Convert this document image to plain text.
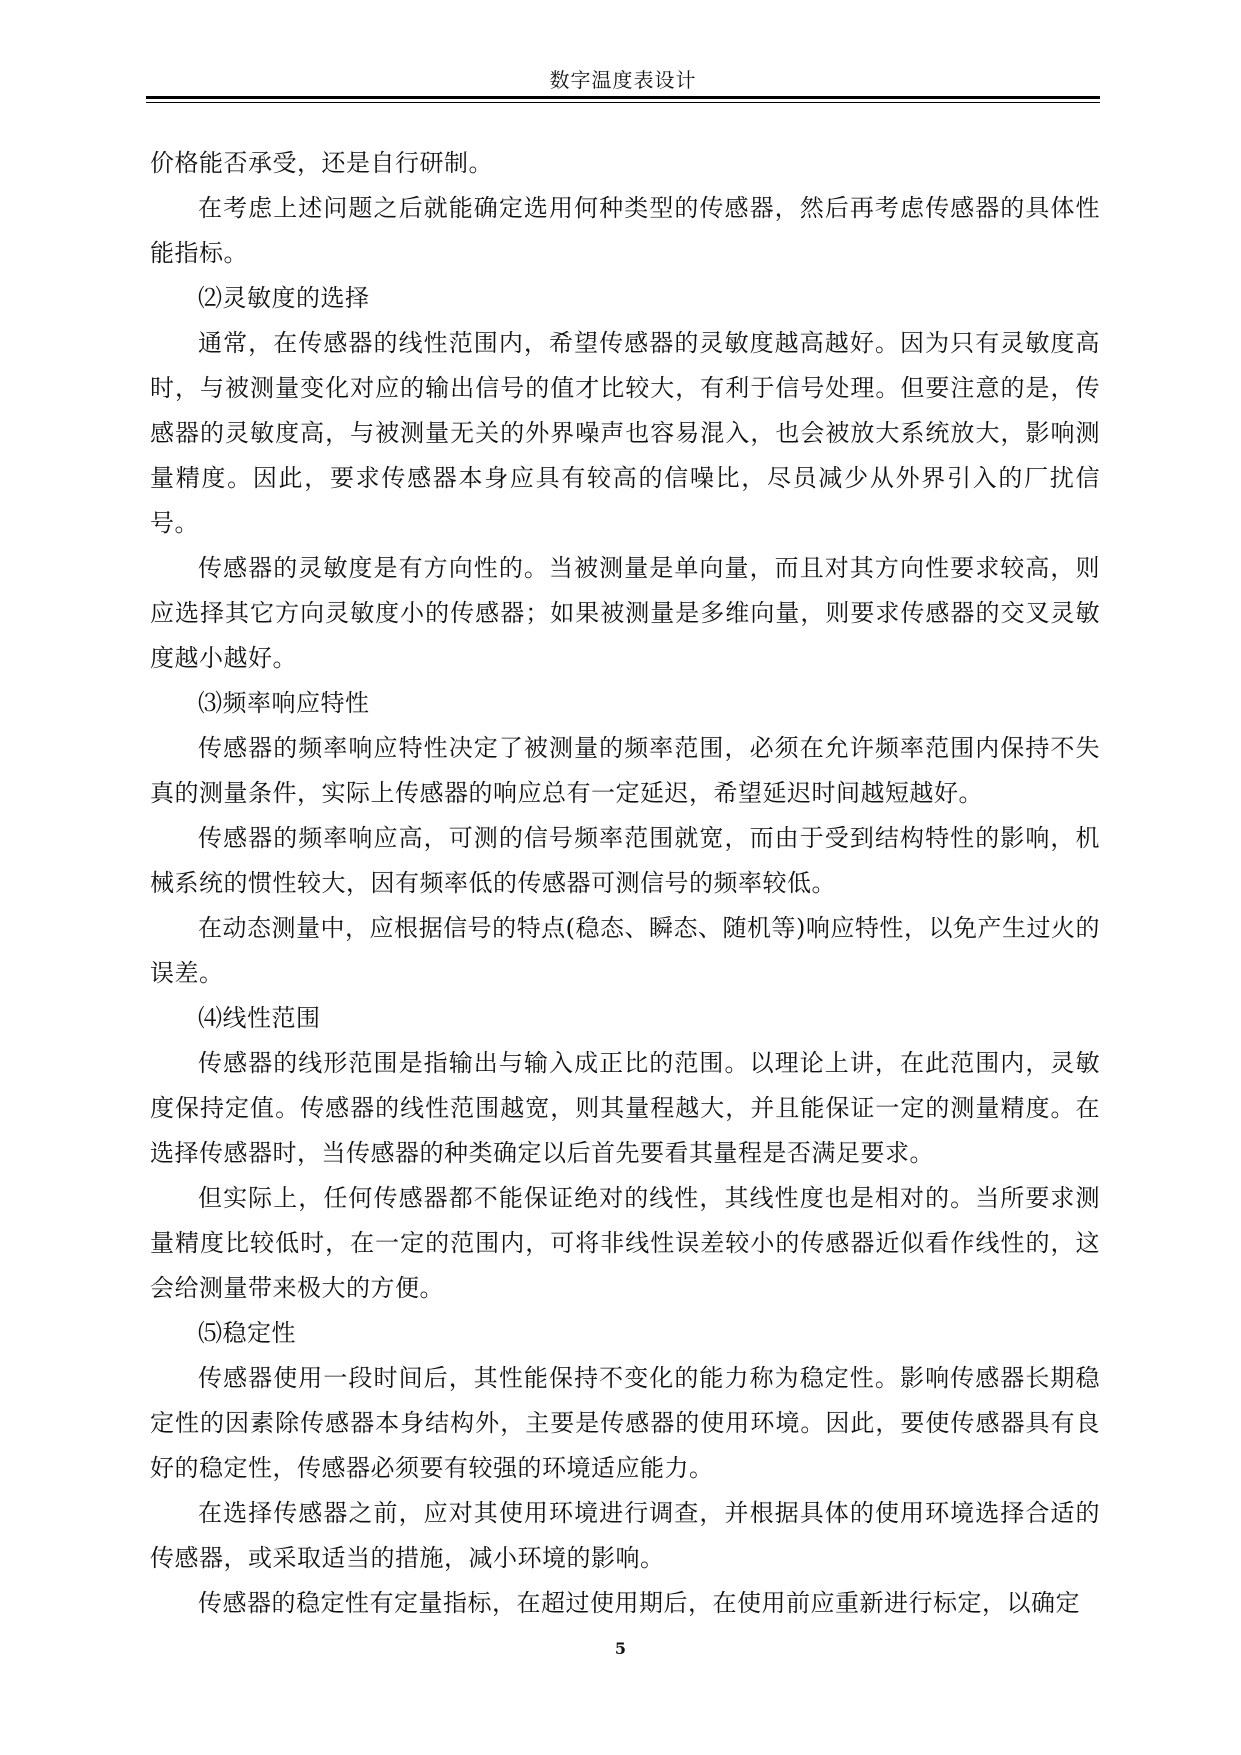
数字温度表设计

价格能否承受，还是自行研制。

在考虑上述问题之后就能确定选用何种类型的传感器，然后再考虑传感器的具体性能指标。

⑵灵敏度的选择

通常，在传感器的线性范围内，希望传感器的灵敏度越高越好。因为只有灵敏度高时，与被测量变化对应的输出信号的值才比较大，有利于信号处理。但要注意的是，传感器的灵敏度高，与被测量无关的外界噪声也容易混入，也会被放大系统放大，影响测量精度。因此，要求传感器本身应具有较高的信噪比，尽员减少从外界引入的厂扰信号。

传感器的灵敏度是有方向性的。当被测量是单向量，而且对其方向性要求较高，则应选择其它方向灵敏度小的传感器；如果被测量是多维向量，则要求传感器的交叉灵敏度越小越好。

⑶频率响应特性

传感器的频率响应特性决定了被测量的频率范围，必须在允许频率范围内保持不失真的测量条件，实际上传感器的响应总有一定延迟，希望延迟时间越短越好。

传感器的频率响应高，可测的信号频率范围就宽，而由于受到结构特性的影响，机械系统的惯性较大，因有频率低的传感器可测信号的频率较低。

在动态测量中，应根据信号的特点(稳态、瞬态、随机等)响应特性，以免产生过火的误差。

⑷线性范围

传感器的线形范围是指输出与输入成正比的范围。以理论上讲，在此范围内，灵敏度保持定值。传感器的线性范围越宽，则其量程越大，并且能保证一定的测量精度。在选择传感器时，当传感器的种类确定以后首先要看其量程是否满足要求。

但实际上，任何传感器都不能保证绝对的线性，其线性度也是相对的。当所要求测量精度比较低时，在一定的范围内，可将非线性误差较小的传感器近似看作线性的，这会给测量带来极大的方便。

⑸稳定性

传感器使用一段时间后，其性能保持不变化的能力称为稳定性。影响传感器长期稳定性的因素除传感器本身结构外，主要是传感器的使用环境。因此，要使传感器具有良好的稳定性，传感器必须要有较强的环境适应能力。

在选择传感器之前，应对其使用环境进行调查，并根据具体的使用环境选择合适的传感器，或采取适当的措施，减小环境的影响。

传感器的稳定性有定量指标，在超过使用期后，在使用前应重新进行标定，以确定

5
